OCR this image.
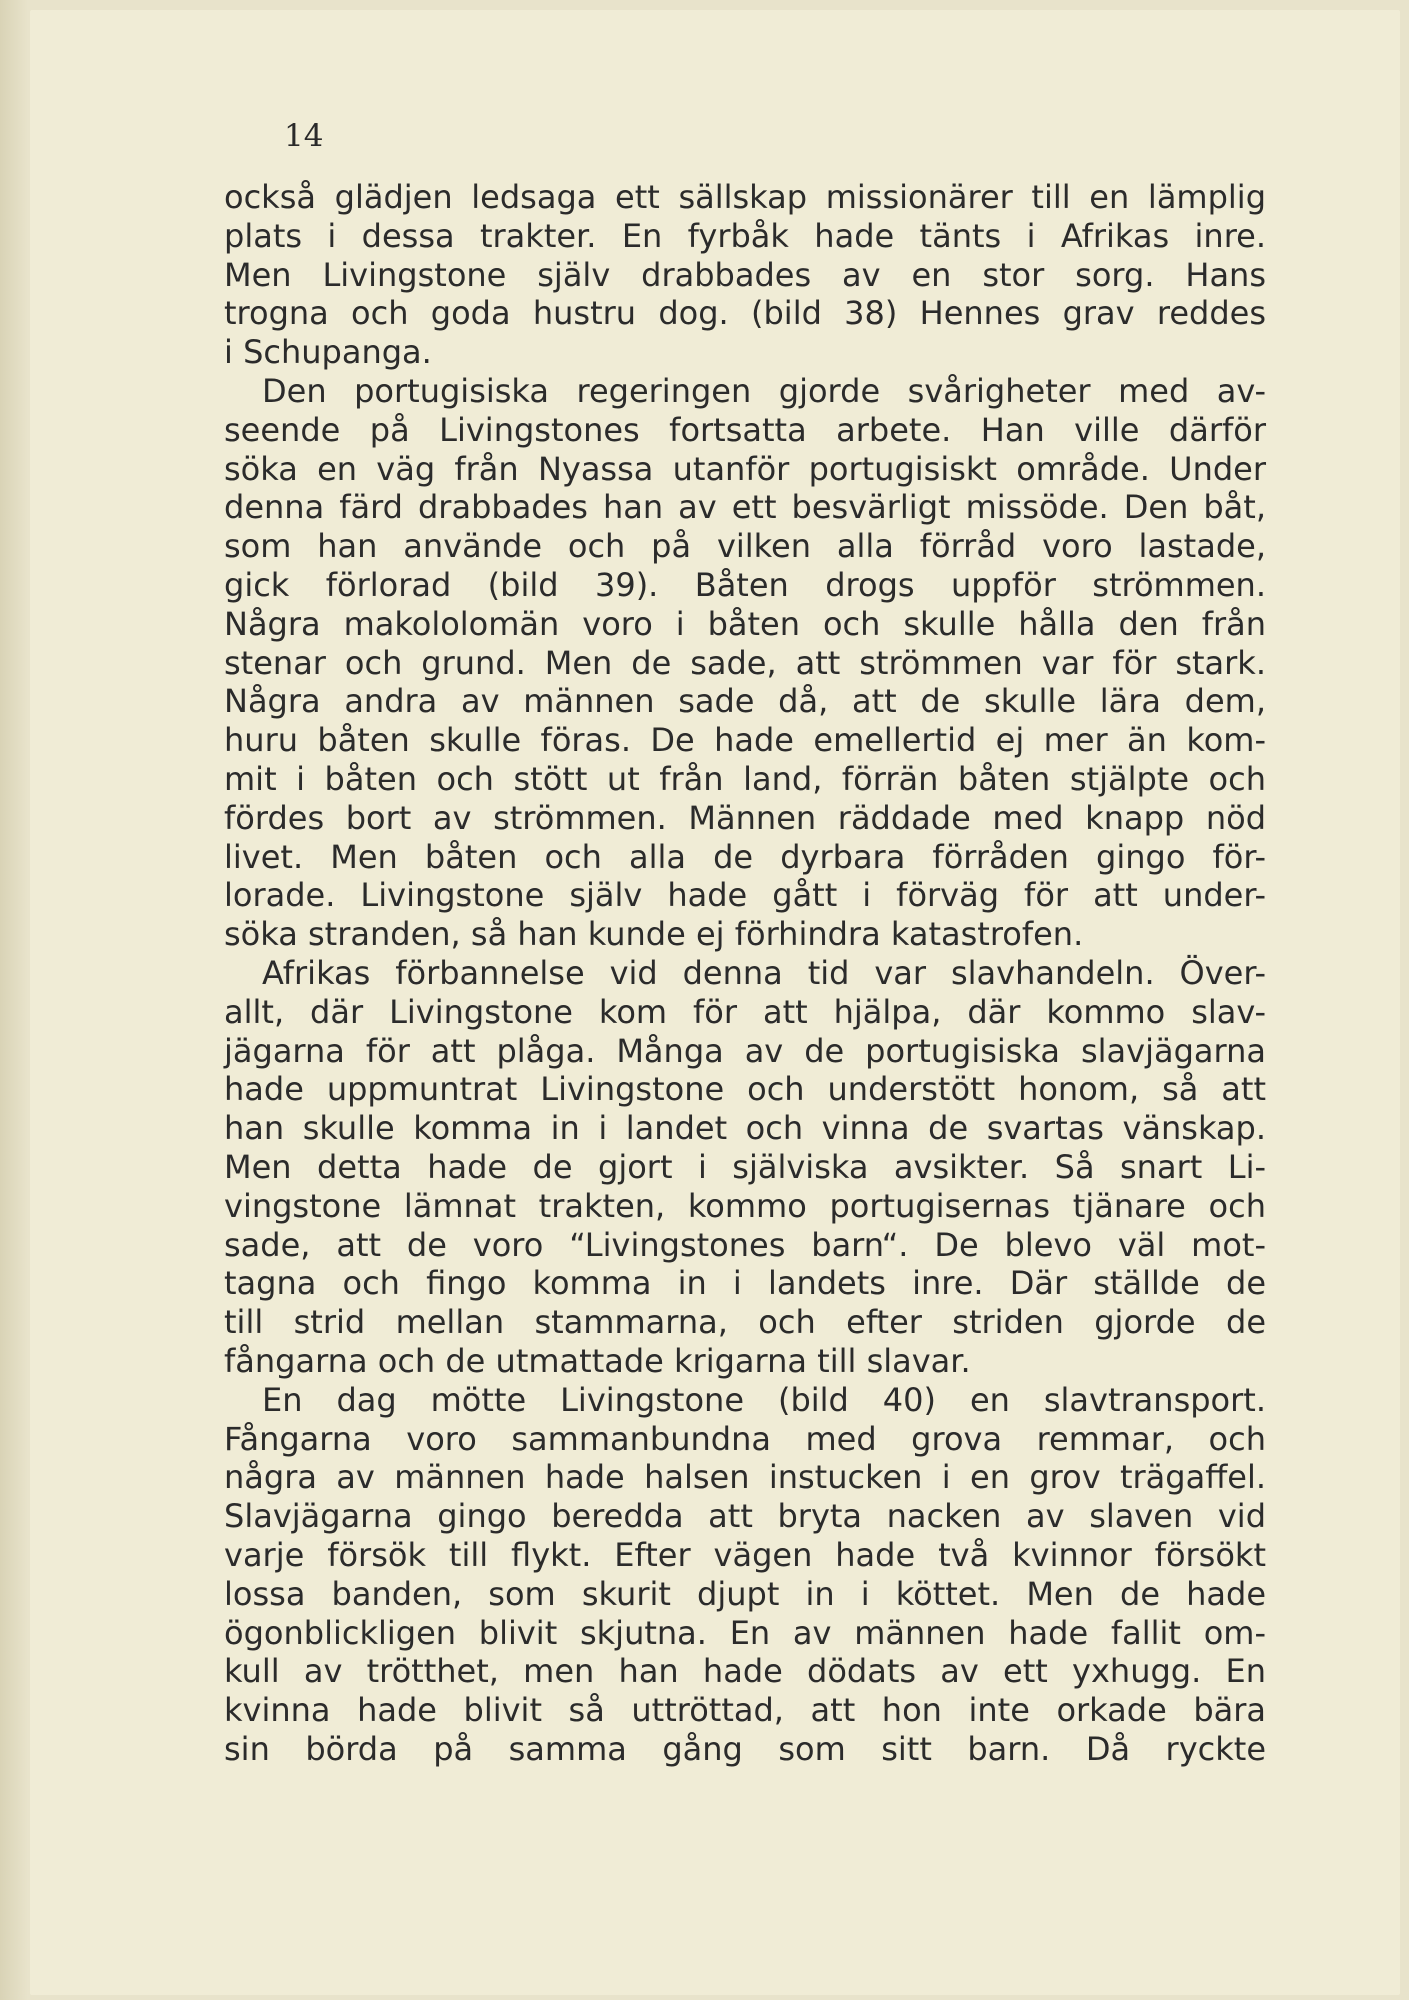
14
också glädjen ledsaga ett sällskap missionärer till en lämplig
plats i dessa trakter. En fyrbåk hade tänts i Afrikas inre.
Men Livingstone själv drabbades av en stor sorg. Hans
trogna och goda hustru dog. (bild 38) Hennes grav reddes
i Schupanga.
Den portugisiska regeringen gjorde svårigheter med av-
seende på Livingstones fortsatta arbete. Han ville därför
söka en väg från Nyassa utanför portugisiskt område. Under
denna färd drabbades han av ett besvärligt missöde. Den båt,
som han använde och på vilken alla förråd voro lastade,
gick förlorad (bild 39). Båten drogs uppför strömmen.
Några makololomän voro i båten och skulle hålla den från
stenar och grund. Men de sade, att strömmen var för stark.
Några andra av männen sade då, att de skulle lära dem,
huru båten skulle föras. De hade emellertid ej mer än kom-
mit i båten och stött ut från land, förrän båten stjälpte och
fördes bort av strömmen. Männen räddade med knapp nöd
livet. Men båten och alla de dyrbara förråden gingo för-
lorade. Livingstone själv hade gått i förväg för att under-
söka stranden, så han kunde ej förhindra katastrofen.
Afrikas förbannelse vid denna tid var slavhandeln. Över-
allt, där Livingstone kom för att hjälpa, där kommo slav-
jägarna för att plåga. Många av de portugisiska slavjägarna
hade uppmuntrat Livingstone och understött honom, så att
han skulle komma in i landet och vinna de svartas vänskap.
Men detta hade de gjort i själviska avsikter. Så snart Li-
vingstone lämnat trakten, kommo portugisernas tjänare och
sade, att de voro “Livingstones barn“. De blevo väl mot-
tagna och fingo komma in i landets inre. Där ställde de
till strid mellan stammarna, och efter striden gjorde de
fångarna och de utmattade krigarna till slavar.
En dag mötte Livingstone (bild 40) en slavtransport.
Fångarna voro sammanbundna med grova remmar, och
några av männen hade halsen instucken i en grov trägaffel.
Slavjägarna gingo beredda att bryta nacken av slaven vid
varje försök till flykt. Efter vägen hade två kvinnor försökt
lossa banden, som skurit djupt in i köttet. Men de hade
ögonblickligen blivit skjutna. En av männen hade fallit om-
kull av trötthet, men han hade dödats av ett yxhugg. En
kvinna hade blivit så uttröttad, att hon inte orkade bära
sin börda på samma gång som sitt barn. Då ryckte
